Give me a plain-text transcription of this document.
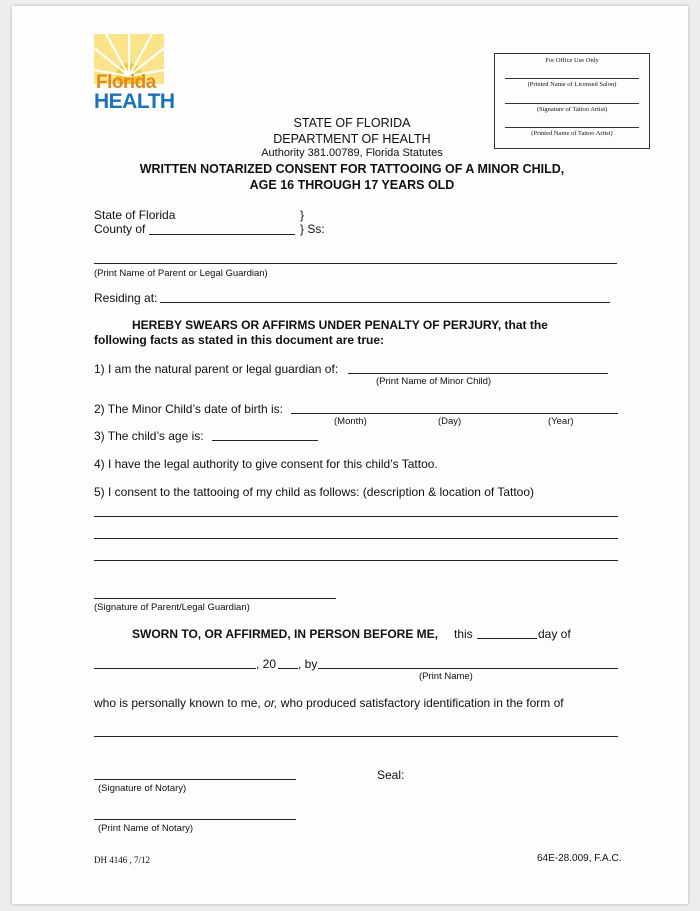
Florida
HEALTH
For Office Use Only
(Printed Name of Licensed Salon)
(Signature of Tattoo Artist)
(Printed Name of Tattoo Artist)
STATE OF FLORIDA
DEPARTMENT OF HEALTH
Authority 381.00789, Florida Statutes
WRITTEN NOTARIZED CONSENT FOR TATTOOING OF A MINOR CHILD,
AGE 16 THROUGH 17 YEARS OLD
State of Florida	}
County of	} Ss:
(Print Name of Parent or Legal Guardian)
Residing at:
HEREBY SWEARS OR AFFIRMS UNDER PENALTY OF PERJURY, that the
following facts as stated in this document are true:
1) I am the natural parent or legal guardian of:
(Print Name of Minor Child)
2) The Minor Child’s date of birth is:
(Month)	(Day)	(Year)
3) The child’s age is:
4) I have the legal authority to give consent for this child’s Tattoo.
5) I consent to the tattooing of my child as follows: (description & location of Tattoo)
(Signature of Parent/Legal Guardian)
SWORN TO, OR AFFIRMED, IN PERSON BEFORE ME, this	day of
, 20 , by
(Print Name)
who is personally known to me, or, who produced satisfactory identification in the form of
(Signature of Notary)
Seal:
(Print Name of Notary)
DH 4146 , 7/12	64E-28.009, F.A.C.
